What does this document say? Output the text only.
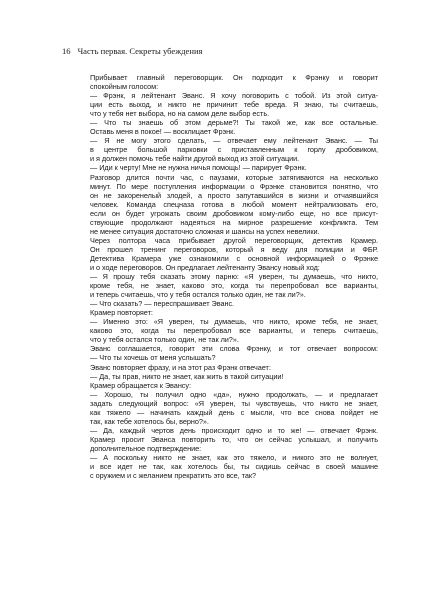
16 Часть первая. Секреты убеждения
Прибывает главный переговорщик. Он подходит к Фрэнку и говорит
спокойным голосом:
— Фрэнк, я лейтенант Эванс. Я хочу поговорить с тобой. Из этой ситуа-
ции есть выход, и никто не причинит тебе вреда. Я знаю, ты считаешь,
что у тебя нет выбора, но на самом деле выбор есть.
— Что ты знаешь об этом дерьме?! Ты такой же, как все остальные.
Оставь меня в покое! — восклицает Фрэнк.
— Я не могу этого сделать, — отвечает ему лейтенант Эванс. — Ты
в центре большой парковки с приставленным к горлу дробовиком,
и я должен помочь тебе найти другой выход из этой ситуации.
— Иди к черту! Мне не нужна ничья помощь! — парирует Фрэнк.
Разговор длится почти час, с паузами, которые затягиваются на несколько
минут. По мере поступления информации о Фрэнке становится понятно, что
он не закоренелый злодей, а просто запутавшийся в жизни и отчаявшийся
человек. Команда спецназа готова в любой момент нейтрализовать его,
если он будет угрожать своим дробовиком кому-либо еще, но все присут-
ствующие продолжают надеяться на мирное разрешение конфликта. Тем
не менее ситуация достаточно сложная и шансы на успех невелики.
Через полтора часа прибывает другой переговорщик, детектив Крамер.
Он прошел тренинг переговоров, который я веду для полиции и ФБР.
Детектива Крамера уже ознакомили с основной информацией о Фрэнке
и о ходе переговоров. Он предлагает лейтенанту Эвансу новый ход:
— Я прошу тебя сказать этому парню: «Я уверен, ты думаешь, что никто,
кроме тебя, не знает, каково это, когда ты перепробовал все варианты,
и теперь считаешь, что у тебя остался только один, не так ли?».
— Что сказать? — переспрашивает Эванс.
Крамер повторяет:
— Именно это: «Я уверен, ты думаешь, что никто, кроме тебя, не знает,
каково это, когда ты перепробовал все варианты, и теперь считаешь,
что у тебя остался только один, не так ли?».
Эванс соглашается, говорит эти слова Фрэнку, и тот отвечает вопросом:
— Что ты хочешь от меня услышать?
Эванс повторяет фразу, и на этот раз Фрэнк отвечает:
— Да, ты прав, никто не знает, как жить в такой ситуации!
Крамер обращается к Эвансу:
— Хорошо, ты получил одно «да», нужно продолжать, — и предлагает
задать следующий вопрос: «Я уверен, ты чувствуешь, что никто не знает,
как тяжело — начинать каждый день с мысли, что все снова пойдет не
так, как тебе хотелось бы, верно?».
— Да, каждый чертов день происходит одно и то же! — отвечает Фрэнк.
Крамер просит Эванса повторить то, что он сейчас услышал, и получить
дополнительное подтверждение:
— А поскольку никто не знает, как это тяжело, и никого это не волнует,
и все идет не так, как хотелось бы, ты сидишь сейчас в своей машине
с оружием и с желанием прекратить это все, так?
